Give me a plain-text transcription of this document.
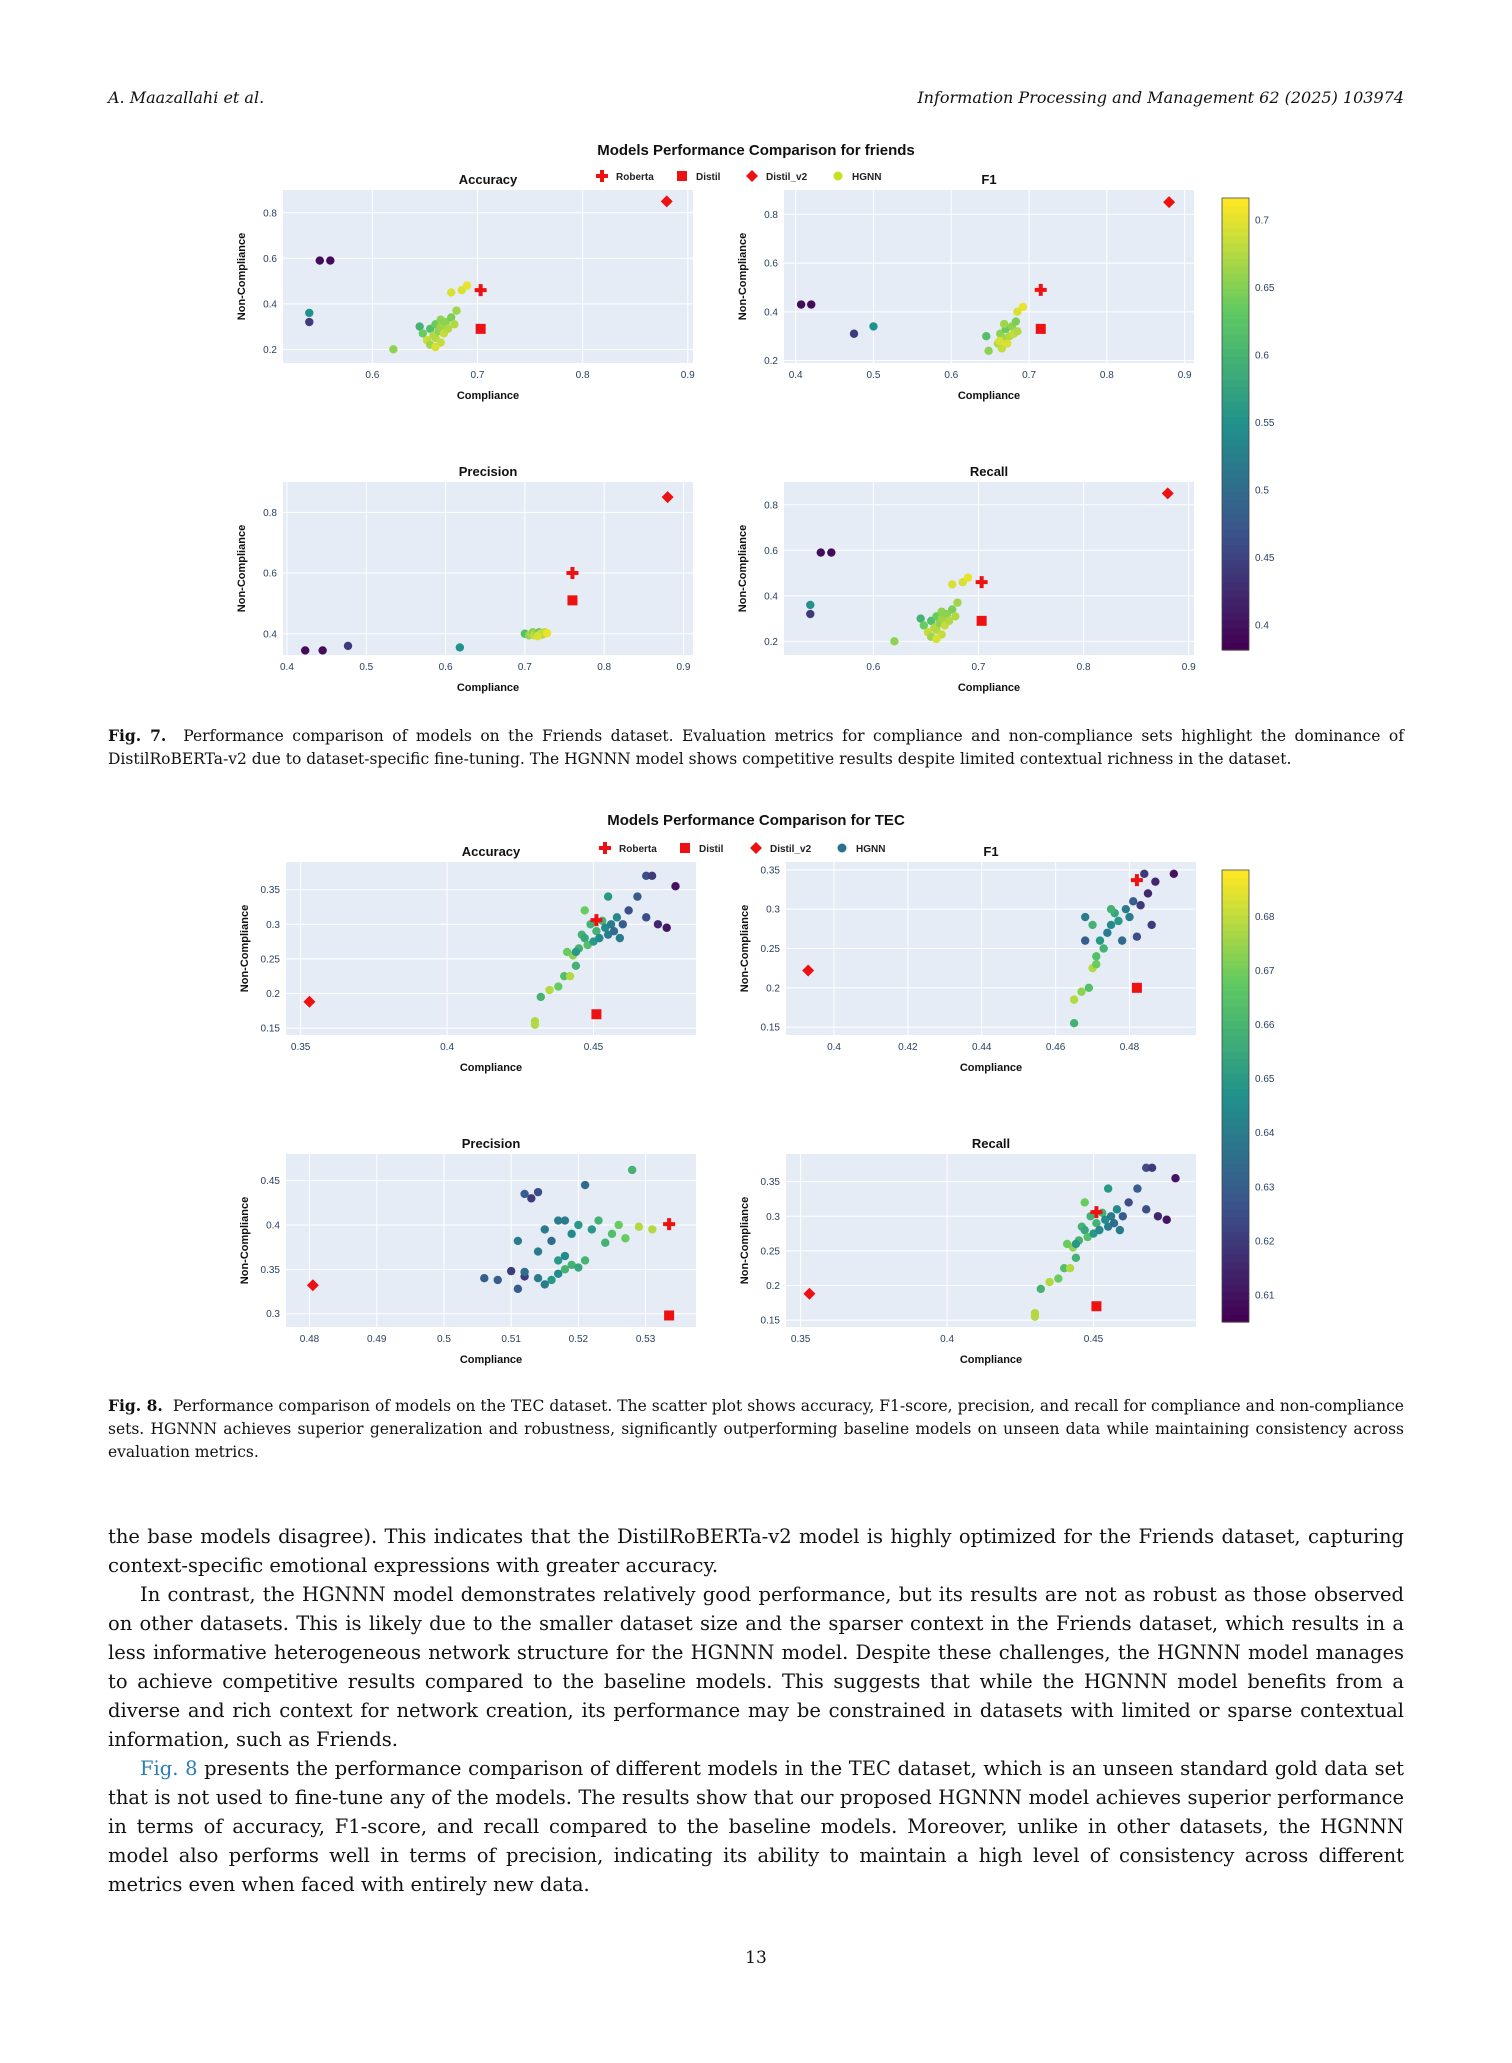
A. Maazallahi et al.	Information Processing and Management 62 (2025) 103974
Models Performance Comparison for friends
Roberta	Distil	Distil_v2	HGNN
0.6	0.7	0.8	0.9
0.2
0.4
0.6
0.8
Accuracy
Compliance
Non-Compliance
0.4	0.5	0.6	0.7	0.8	0.9
0.2
0.4
0.6
0.8
F1
Compliance
Non-Compliance
0.4	0.5	0.6	0.7	0.8	0.9
0.4
0.6
0.8
Precision
Compliance
Non-Compliance
0.6	0.7	0.8	0.9
0.2
0.4
0.6
0.8
Recall
Compliance
Non-Compliance
0.4
0.45
0.5
0.55
0.6
0.65
0.7
Fig. 7. Performance comparison of models on the Friends dataset. Evaluation metrics for compliance and non-compliance sets highlight the dominance of DistilRoBERTa-v2 due to dataset-specific fine-tuning. The HGNNN model shows competitive results despite limited contextual richness in the dataset.
Models Performance Comparison for TEC
Roberta	Distil	Distil_v2	HGNN
0.35	0.4	0.45
0.15
0.2
0.25
0.3
0.35
Accuracy
Compliance
Non-Compliance
0.4	0.42	0.44	0.46	0.48
0.15
0.2
0.25
0.3
0.35
F1
Compliance
Non-Compliance
0.48	0.49	0.5	0.51	0.52	0.53
0.3
0.35
0.4
0.45
Precision
Compliance
Non-Compliance
0.35	0.4	0.45
0.15
0.2
0.25
0.3
0.35
Recall
Compliance
Non-Compliance
0.61
0.62
0.63
0.64
0.65
0.66
0.67
0.68
Fig. 8. Performance comparison of models on the TEC dataset. The scatter plot shows accuracy, F1-score, precision, and recall for compliance and non-compliance sets. HGNNN achieves superior generalization and robustness, significantly outperforming baseline models on unseen data while maintaining consistency across evaluation metrics.

the base models disagree). This indicates that the DistilRoBERTa-v2 model is highly optimized for the Friends dataset, capturing context-specific emotional expressions with greater accuracy.

In contrast, the HGNNN model demonstrates relatively good performance, but its results are not as robust as those observed on other datasets. This is likely due to the smaller dataset size and the sparser context in the Friends dataset, which results in a less informative heterogeneous network structure for the HGNNN model. Despite these challenges, the HGNNN model manages to achieve competitive results compared to the baseline models. This suggests that while the HGNNN model benefits from a diverse and rich context for network creation, its performance may be constrained in datasets with limited or sparse contextual information, such as Friends.

Fig. 8 presents the performance comparison of different models in the TEC dataset, which is an unseen standard gold data set that is not used to fine-tune any of the models. The results show that our proposed HGNNN model achieves superior performance in terms of accuracy, F1-score, and recall compared to the baseline models. Moreover, unlike in other datasets, the HGNNN model also performs well in terms of precision, indicating its ability to maintain a high level of consistency across different metrics even when faced with entirely new data.

13
